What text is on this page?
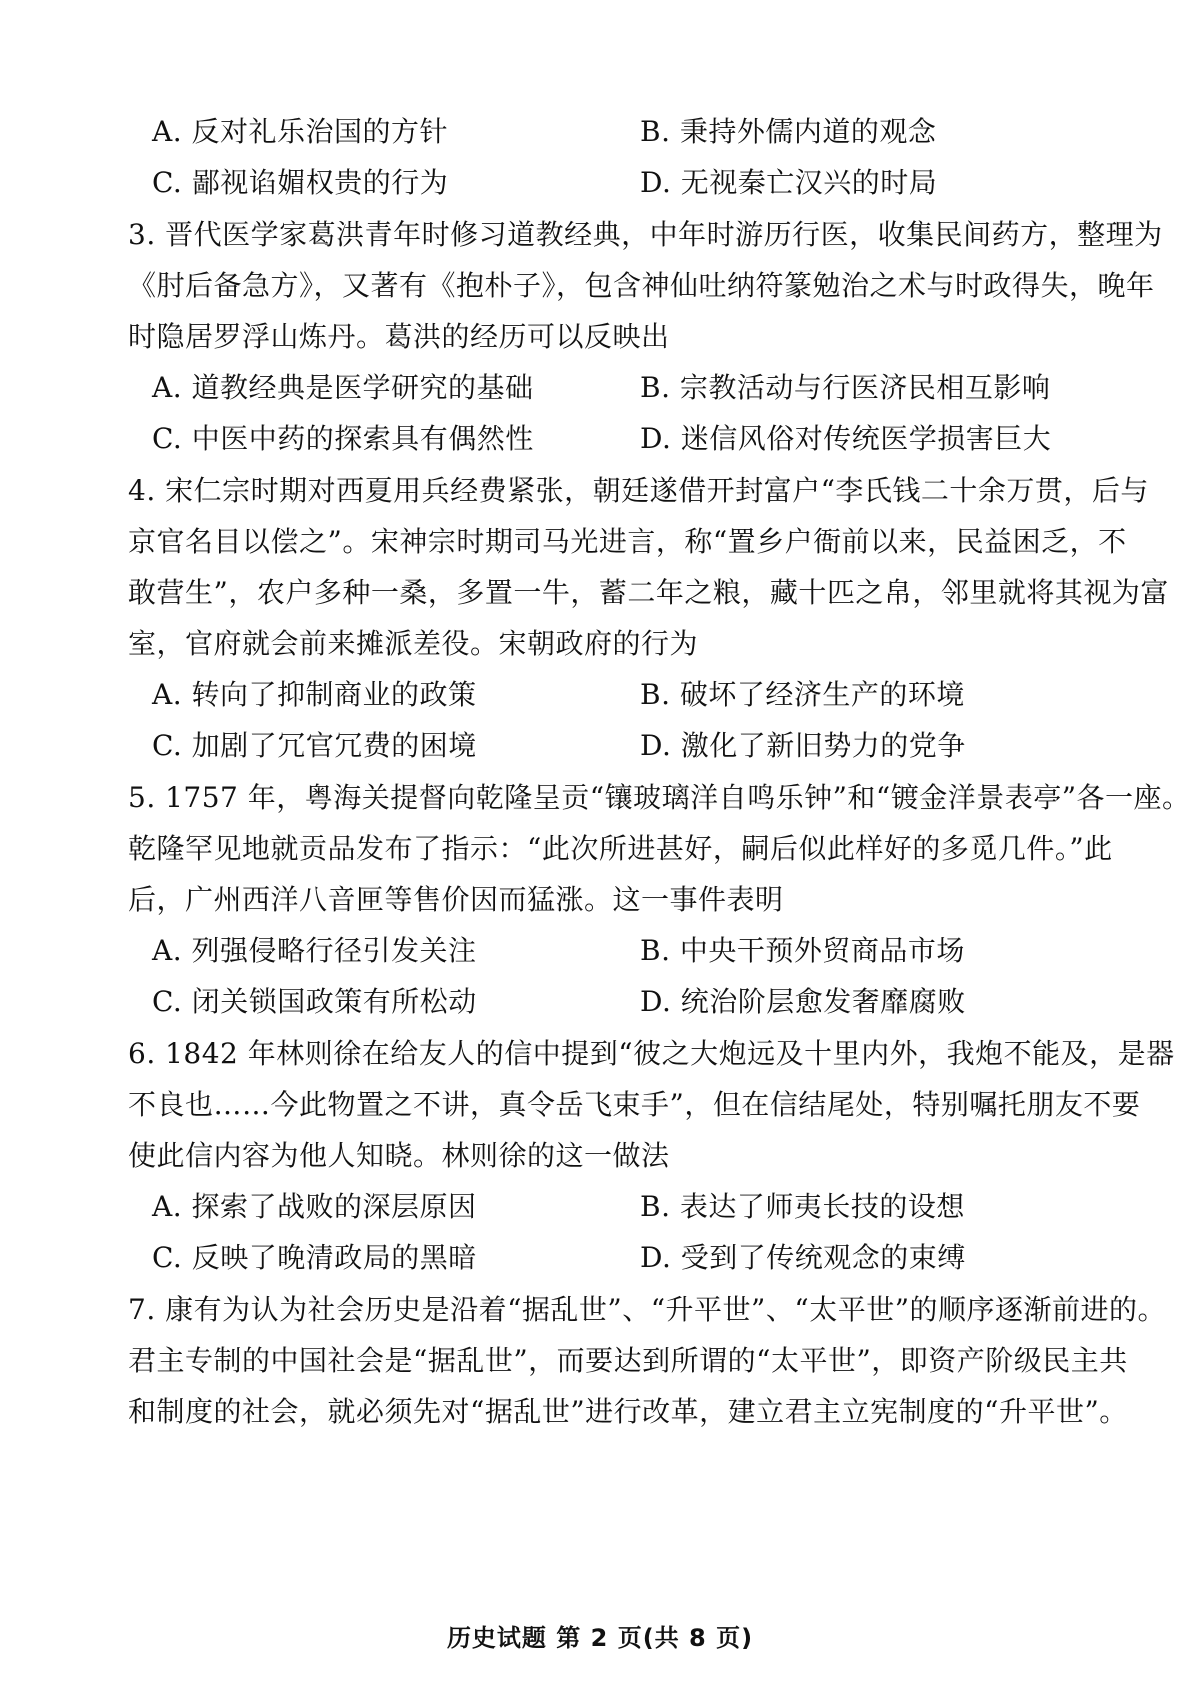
A. 反对礼乐治国的方针	B. 秉持外儒内道的观念
C. 鄙视谄媚权贵的行为	D. 无视秦亡汉兴的时局
3. 晋代医学家葛洪青年时修习道教经典，中年时游历行医，收集民间药方，整理为
《肘后备急方》，又著有《抱朴子》，包含神仙吐纳符篆勉治之术与时政得失，晚年
时隐居罗浮山炼丹。葛洪的经历可以反映出
A. 道教经典是医学研究的基础	B. 宗教活动与行医济民相互影响
C. 中医中药的探索具有偶然性	D. 迷信风俗对传统医学损害巨大
4. 宋仁宗时期对西夏用兵经费紧张，朝廷遂借开封富户“李氏钱二十余万贯，后与
京官名目以偿之”。宋神宗时期司马光进言，称“置乡户衙前以来，民益困乏，不
敢营生”，农户多种一桑，多置一牛，蓄二年之粮，藏十匹之帛，邻里就将其视为富
室，官府就会前来摊派差役。宋朝政府的行为
A. 转向了抑制商业的政策	B. 破坏了经济生产的环境
C. 加剧了冗官冗费的困境	D. 激化了新旧势力的党争
5. 1757 年，粤海关提督向乾隆呈贡“镶玻璃洋自鸣乐钟”和“镀金洋景表亭”各一座。
乾隆罕见地就贡品发布了指示：“此次所进甚好，嗣后似此样好的多觅几件。”此
后，广州西洋八音匣等售价因而猛涨。这一事件表明
A. 列强侵略行径引发关注	B. 中央干预外贸商品市场
C. 闭关锁国政策有所松动	D. 统治阶层愈发奢靡腐败
6. 1842 年林则徐在给友人的信中提到“彼之大炮远及十里内外，我炮不能及，是器
不良也……今此物置之不讲，真令岳飞束手”，但在信结尾处，特别嘱托朋友不要
使此信内容为他人知晓。林则徐的这一做法
A. 探索了战败的深层原因	B. 表达了师夷长技的设想
C. 反映了晚清政局的黑暗	D. 受到了传统观念的束缚
7. 康有为认为社会历史是沿着“据乱世”、“升平世”、“太平世”的顺序逐渐前进的。
君主专制的中国社会是“据乱世”，而要达到所谓的“太平世”，即资产阶级民主共
和制度的社会，就必须先对“据乱世”进行改革，建立君主立宪制度的“升平世”。
历史试题 第 2 页(共 8 页)
